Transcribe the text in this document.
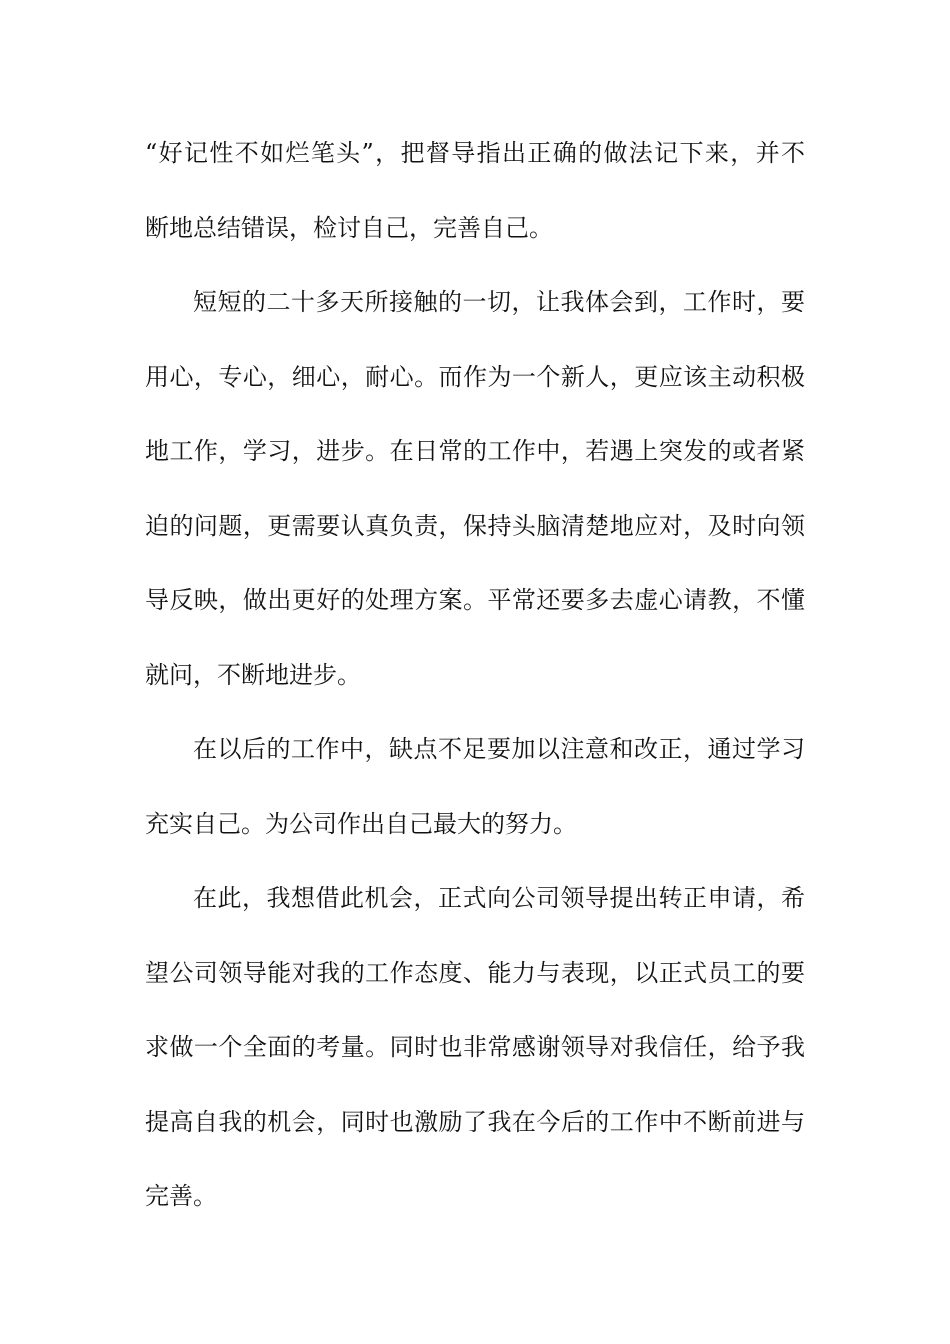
“好记性不如烂笔头”，把督导指出正确的做法记下来，并不
断地总结错误，检讨自己，完善自己。
短短的二十多天所接触的一切，让我体会到，工作时，要
用心，专心，细心，耐心。而作为一个新人，更应该主动积极
地工作，学习，进步。在日常的工作中，若遇上突发的或者紧
迫的问题，更需要认真负责，保持头脑清楚地应对，及时向领
导反映，做出更好的处理方案。平常还要多去虚心请教，不懂
就问，不断地进步。
在以后的工作中，缺点不足要加以注意和改正，通过学习
充实自己。为公司作出自己最大的努力。
在此，我想借此机会，正式向公司领导提出转正申请，希
望公司领导能对我的工作态度、能力与表现，以正式员工的要
求做一个全面的考量。同时也非常感谢领导对我信任，给予我
提高自我的机会，同时也激励了我在今后的工作中不断前进与
完善。
